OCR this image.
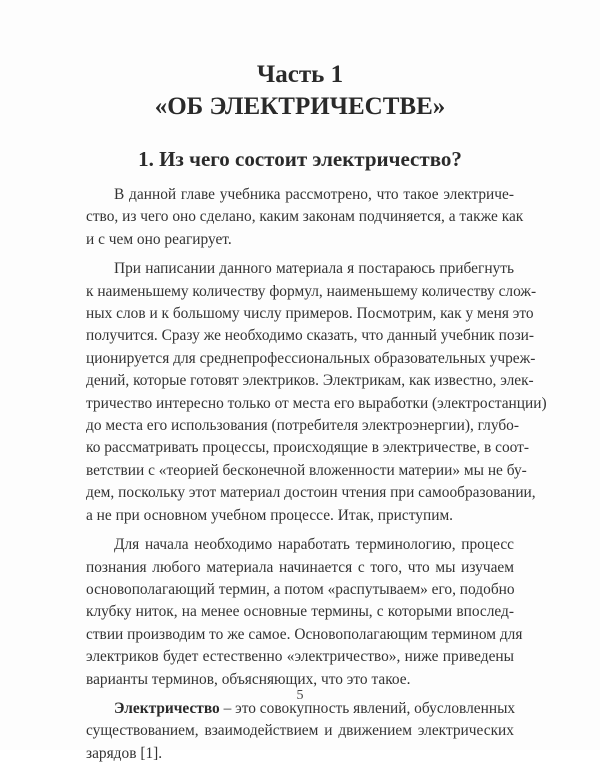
Часть 1
«ОБ ЭЛЕКТРИЧЕСТВЕ»
1. Из чего состоит электричество?

В данной главе учебника рассмотрено, что такое электриче-
ство, из чего оно сделано, каким законам подчиняется, а также как
и с чем оно реагирует.

При написании данного материала я постараюсь прибегнуть
к наименьшему количеству формул, наименьшему количеству слож-
ных слов и к большому числу примеров. Посмотрим, как у меня это
получится. Сразу же необходимо сказать, что данный учебник пози-
ционируется для среднепрофессиональных образовательных учреж-
дений, которые готовят электриков. Электрикам, как известно, элек-
тричество интересно только от места его выработки (электростанции)
до места его использования (потребителя электроэнергии), глубо-
ко рассматривать процессы, происходящие в электричестве, в соот-
ветствии с «теорией бесконечной вложенности материи» мы не бу-
дем, поскольку этот материал достоин чтения при самообразовании,
а не при основном учебном процессе. Итак, приступим.

Для начала необходимо наработать терминологию, процесс
познания любого материала начинается с того, что мы изучаем
основополагающий термин, а потом «распутываем» его, подобно
клубку ниток, на менее основные термины, с которыми впослед-
ствии производим то же самое. Основополагающим термином для
электриков будет естественно «электричество», ниже приведены
варианты терминов, объясняющих, что это такое.

Электричество – это совокупность явлений, обусловленных
существованием, взаимодействием и движением электрических
зарядов [1].

5
